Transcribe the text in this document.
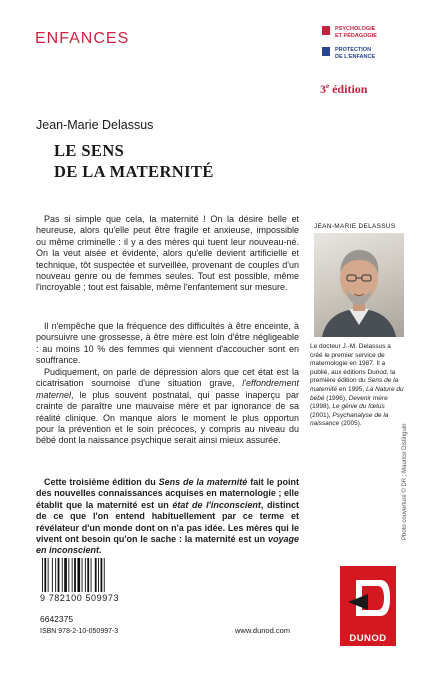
ENFANCES
PSYCHOLOGIE
ET PÉDAGOGIE
PROTECTION
DE L'ENFANCE
3e édition
Jean-Marie Delassus
LE SENS
DE LA MATERNITÉ

Pas si simple que cela, la maternité ! On la désire belle et heureuse, alors qu'elle peut être fragile et anxieuse, impossible ou même criminelle : il y a des mères qui tuent leur nouveau-né. On la veut aisée et évidente, alors qu'elle devient artificielle et technique, tôt suspectée et surveillée, provenant de couples d'un nouveau genre ou de femmes seules. Tout est possible, même l'incroyable ; tout est faisable, même l'enfantement sur mesure.

Il n'empêche que la fréquence des difficultés à être enceinte, à poursuivre une grossesse, à être mère est loin d'être négligeable : au moins 10 % des femmes qui viennent d'accoucher sont en souffrance.

Pudiquement, on parle de dépression alors que cet état est la cicatrisation sournoise d'une situation grave, l'effondrement maternel, le plus souvent postnatal, qui passe inaperçu par crainte de paraître une mauvaise mère et par ignorance de sa réalité clinique. On manque alors le moment le plus opportun pour la prévention et le soin précoces, y compris au niveau du bébé dont la naissance psychique serait ainsi mieux assurée.

Cette troisième édition du Sens de la maternité fait le point des nouvelles connaissances acquises en maternologie ; elle établit que la maternité est un état de l'inconscient, distinct de ce que l'on entend habituellement par ce terme et révélateur d'un monde dont on n'a pas idée. Les mères qui le vivent ont besoin qu'on le sache : la maternité est un voyage en inconscient.

JEAN-MARIE DELASSUS
Le docteur J.-M. Delassus a créé le premier service de maternologie en 1987. Il a publié, aux éditions Dunod, la première édition du Sens de la maternité en 1995, La Nature du bébé (1996), Devenir mère (1998), Le génie du fœtus (2001), Psychanalyse de la naissance (2005).	Photo couverture © DR ; Maurice Distinguin
9 782100 509973
6642375
ISBN 978-2-10-050997-3	www.dunod.com
DUNOD
